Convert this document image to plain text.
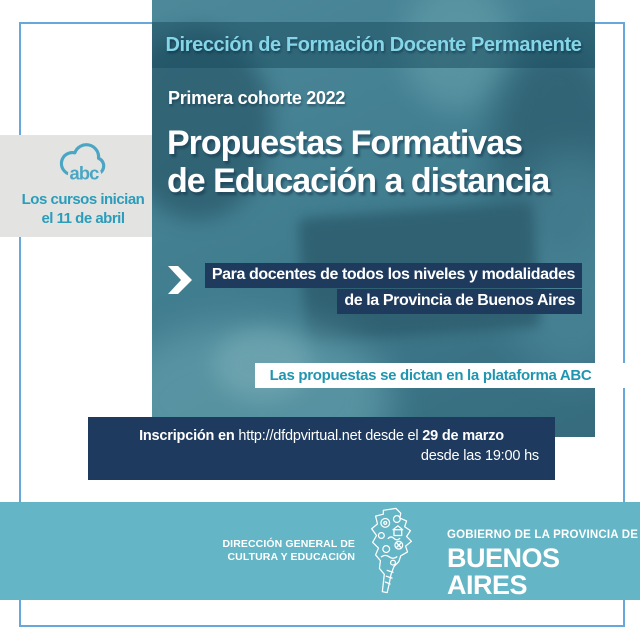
Dirección de Formación Docente Permanente
Primera cohorte 2022
Propuestas Formativas
de Educación a distancia
Para docentes de todos los niveles y modalidades
de la Provincia de Buenos Aires
abc
Los cursos inician
el 11 de abril
Las propuestas se dictan en la plataforma ABC
Inscripción en http://dfdpvirtual.net desde el 29 de marzo
desde las 19:00 hs
DIRECCIÓN GENERAL DE
CULTURA Y EDUCACIÓN
GOBIERNO DE LA PROVINCIA DE
BUENOS AIRES
